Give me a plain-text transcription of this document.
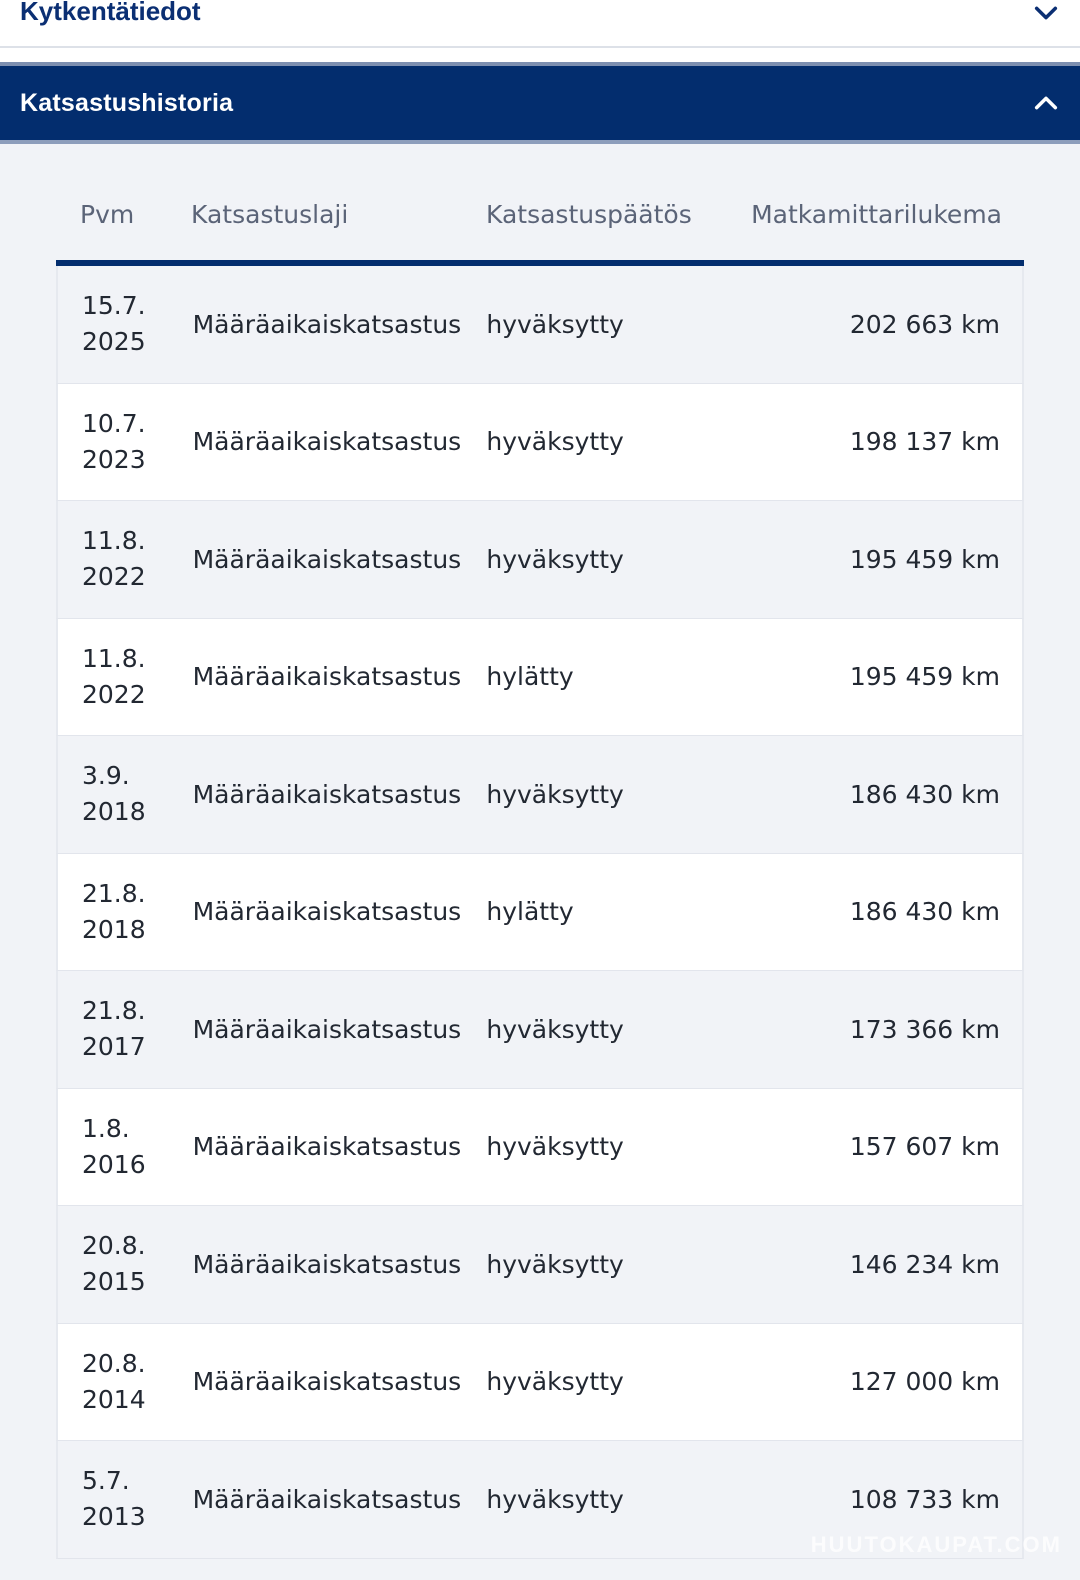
Kytkentätiedot
Katsastushistoria
Pvm	Katsastuslaji	Katsastuspäätös	Matkamittarilukema
15.7.
2025
Määräaikaiskatsastus	hyväksytty	202 663 km
10.7.
2023
Määräaikaiskatsastus	hyväksytty	198 137 km
11.8.
2022
Määräaikaiskatsastus	hyväksytty	195 459 km
11.8.
2022
Määräaikaiskatsastus	hylätty	195 459 km
3.9.
2018
Määräaikaiskatsastus	hyväksytty	186 430 km
21.8.
2018
Määräaikaiskatsastus	hylätty	186 430 km
21.8.
2017
Määräaikaiskatsastus	hyväksytty	173 366 km
1.8.
2016
Määräaikaiskatsastus	hyväksytty	157 607 km
20.8.
2015
Määräaikaiskatsastus	hyväksytty	146 234 km
20.8.
2014
Määräaikaiskatsastus	hyväksytty	127 000 km
5.7.
2013
Määräaikaiskatsastus	hyväksytty	108 733 km
HUUTOKAUPAT.COM
